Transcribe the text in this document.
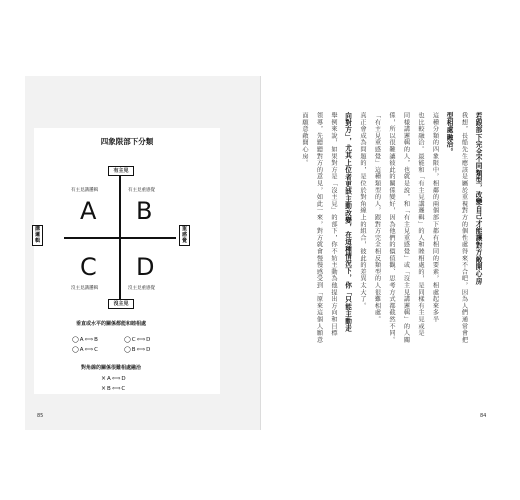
四象限部下分類
有主見
沒主見
講邏輯
重感覺
有主見講邏輯	有主見重感覺
沒主見講邏輯	沒主見重感覺
A B
C D
垂直或水平的關係都能和睦相處
◯A⟺B	◯C⟺D
◯A⟺C	◯B⟺D
對角線的關係很難相處融洽
×A⟺D
×B⟺C
85	84
若跟部下完全不同類型，改變自己才能讓對方敞開心房
我想，長船先生應該是屬於重視對方的個性處得來不合吧，因為人們通常會把
型相處融洽。
這種分類的四象限中，相鄰的兩個部下都有相同的要素，相處起來多半
也比較融洽。最能和「有主見講邏輯」的人和睦相處的，是同樣有主見或是
同樣講邏輯的人，也就是說，和「有主見重感覺」或「沒主見講邏輯」的人關
係，所以很難讓彼此的關係變好，因為他們的價值觀、思考方式都截然不同。
「有主見重感覺」這種類型的人，跟對方完全相反類型的人很難相處。
真正會成為問題的，是位於對角線上的組合，彼此的差異太大了。
向對方」，尤其上位者更該主動改變，在這種情況下，你「只能主動走
舉例來說，如果對方是「沒主見」的部下，你不妨主動為他提出方向和目標
領導，先聽聽對方的意見，如此一來，對方就會慢慢感受到「原來這個人願意
面願意敞開心房。
